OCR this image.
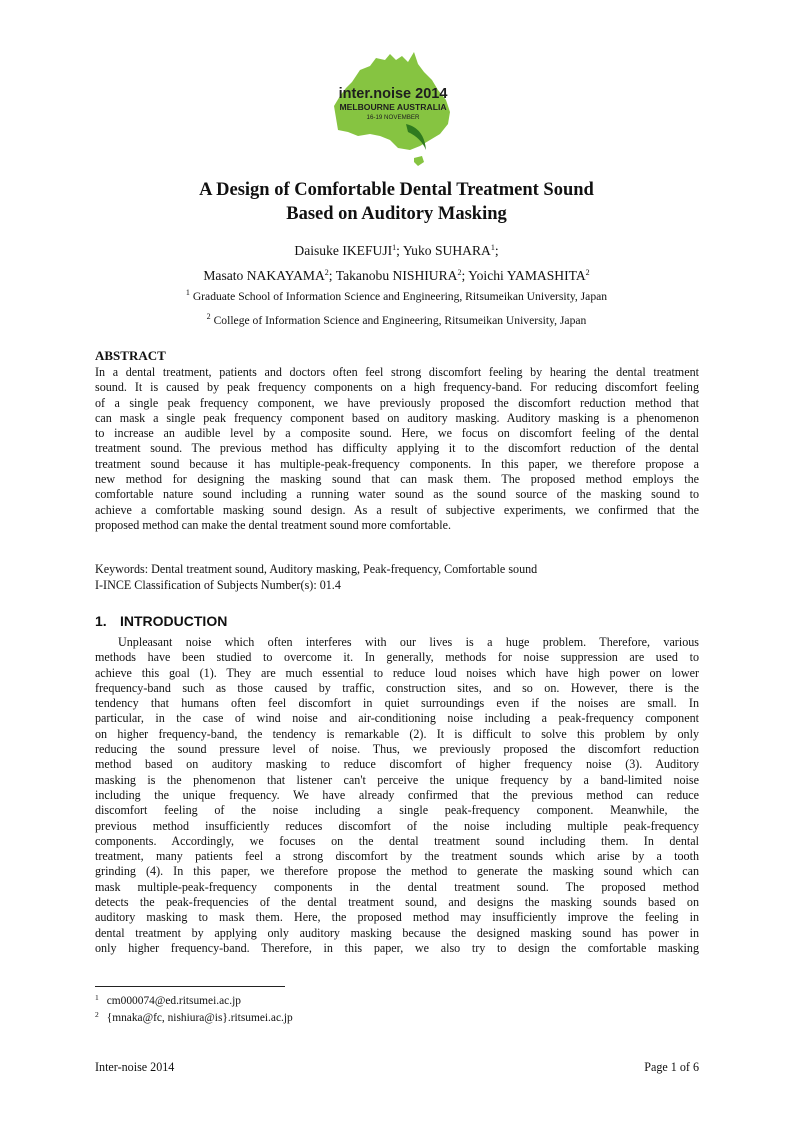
inter.noise 2014
MELBOURNE AUSTRALIA
16-19 NOVEMBER
A Design of Comfortable Dental Treatment Sound
Based on Auditory Masking
Daisuke IKEFUJI$^1$; Yuko SUHARA$^1$;
Masato NAKAYAMA$^2$; Takanobu NISHIURA$^2$; Yoichi YAMASHITA$^2$
$^1$ Graduate School of Information Science and Engineering, Ritsumeikan University, Japan
$^2$ College of Information Science and Engineering, Ritsumeikan University, Japan
ABSTRACT
In a dental treatment, patients and doctors often feel strong discomfort feeling by hearing the dental treatment
sound. It is caused by peak frequency components on a high frequency-band. For reducing discomfort feeling
of a single peak frequency component, we have previously proposed the discomfort reduction method that
can mask a single peak frequency component based on auditory masking. Auditory masking is a phenomenon
to increase an audible level by a composite sound. Here, we focus on discomfort feeling of the dental
treatment sound. The previous method has difficulty applying it to the discomfort reduction of the dental
treatment sound because it has multiple-peak-frequency components. In this paper, we therefore propose a
new method for designing the masking sound that can mask them. The proposed method employs the
comfortable nature sound including a running water sound as the sound source of the masking sound to
achieve a comfortable masking sound design. As a result of subjective experiments, we confirmed that the
proposed method can make the dental treatment sound more comfortable.
Keywords: Dental treatment sound, Auditory masking, Peak-frequency, Comfortable sound
I-INCE Classification of Subjects Number(s): 01.4
1. INTRODUCTION
Unpleasant noise which often interferes with our lives is a huge problem. Therefore, various
methods have been studied to overcome it. In generally, methods for noise suppression are used to
achieve this goal (1). They are much essential to reduce loud noises which have high power on lower
frequency-band such as those caused by traffic, construction sites, and so on. However, there is the
tendency that humans often feel discomfort in quiet surroundings even if the noises are small. In
particular, in the case of wind noise and air-conditioning noise including a peak-frequency component
on higher frequency-band, the tendency is remarkable (2). It is difficult to solve this problem by only
reducing the sound pressure level of noise. Thus, we previously proposed the discomfort reduction
method based on auditory masking to reduce discomfort of higher frequency noise (3). Auditory
masking is the phenomenon that listener can't perceive the unique frequency by a band-limited noise
including the unique frequency. We have already confirmed that the previous method can reduce
discomfort feeling of the noise including a single peak-frequency component. Meanwhile, the
previous method insufficiently reduces discomfort of the noise including multiple peak-frequency
components. Accordingly, we focuses on the dental treatment sound including them. In dental
treatment, many patients feel a strong discomfort by the treatment sounds which arise by a tooth
grinding (4). In this paper, we therefore propose the method to generate the masking sound which can
mask multiple-peak-frequency components in the dental treatment sound. The proposed method
detects the peak-frequencies of the dental treatment sound, and designs the masking sounds based on
auditory masking to mask them. Here, the proposed method may insufficiently improve the feeling in
dental treatment by applying only auditory masking because the designed masking sound has power in
only higher frequency-band. Therefore, in this paper, we also try to design the comfortable masking
$^1$ cm000074@ed.ritsumei.ac.jp
$^2$ {mnaka@fc, nishiura@is}.ritsumei.ac.jp
Inter-noise 2014	Page 1 of 6
